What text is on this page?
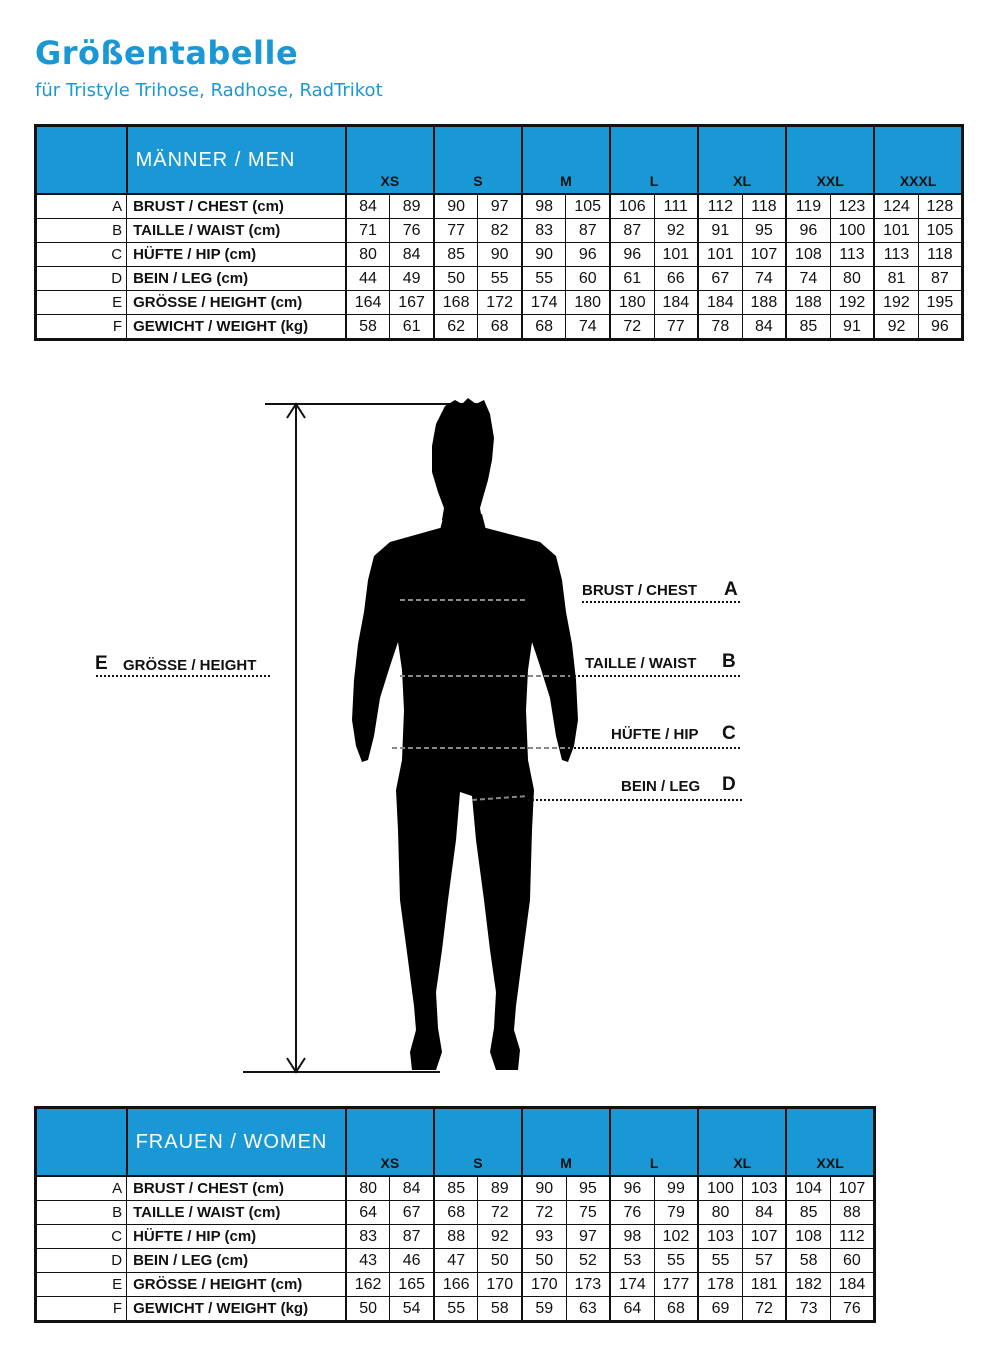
Größentabelle
für Tristyle Trihose, Radhose, RadTrikot
	MÄNNER / MEN	XS		S		M		L		XL		XXL		XXXL	
A	BRUST / CHEST (cm)	84	89	90	97	98	105	106	111	112	118	119	123	124	128
B	TAILLE / WAIST (cm)	71	76	77	82	83	87	87	92	91	95	96	100	101	105
C	HÜFTE / HIP (cm)	80	84	85	90	90	96	96	101	101	107	108	113	113	118
D	BEIN / LEG (cm)	44	49	50	55	55	60	61	66	67	74	74	80	81	87
E	GRÖSSE / HEIGHT (cm)	164	167	168	172	174	180	180	184	184	188	188	192	192	195
F	GEWICHT / WEIGHT (kg)	58	61	62	68	68	74	72	77	78	84	85	91	92	96
E GRÖSSE / HEIGHT
BRUST / CHEST A
TAILLE / WAIST B
HÜFTE / HIP C
BEIN / LEG D
	FRAUEN / WOMEN	XS		S		M		L		XL		XXL	
A	BRUST / CHEST (cm)	80	84	85	89	90	95	96	99	100	103	104	107
B	TAILLE / WAIST (cm)	64	67	68	72	72	75	76	79	80	84	85	88
C	HÜFTE / HIP (cm)	83	87	88	92	93	97	98	102	103	107	108	112
D	BEIN / LEG (cm)	43	46	47	50	50	52	53	55	55	57	58	60
E	GRÖSSE / HEIGHT (cm)	162	165	166	170	170	173	174	177	178	181	182	184
F	GEWICHT / WEIGHT (kg)	50	54	55	58	59	63	64	68	69	72	73	76
